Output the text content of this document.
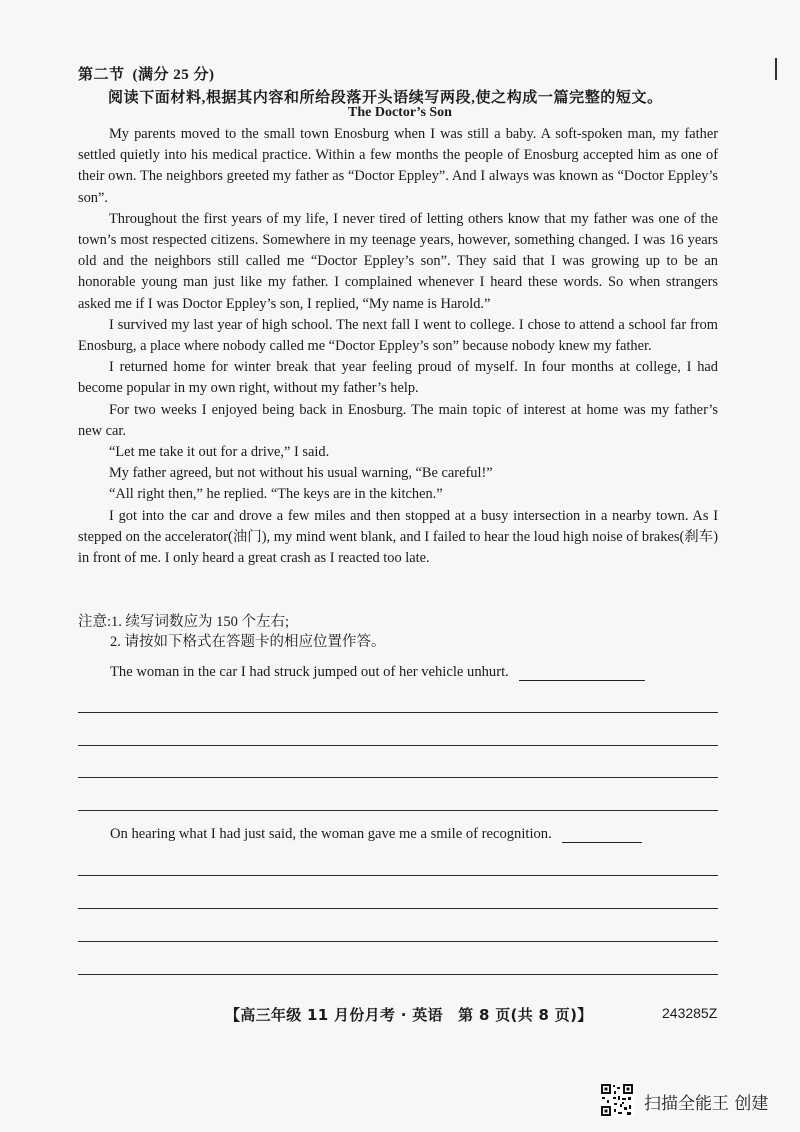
第二节 (满分 25 分)
阅读下面材料,根据其内容和所给段落开头语续写两段,使之构成一篇完整的短文。
The Doctor’s Son

My parents moved to the small town Enosburg when I was still a baby. A soft-spoken man, my father settled quietly into his medical practice. Within a few months the people of Enosburg accepted him as one of their own. The neighbors greeted my father as “Doctor Eppley”. And I always was known as “Doctor Eppley’s son”.

Throughout the first years of my life, I never tired of letting others know that my father was one of the town’s most respected citizens. Somewhere in my teenage years, however, something changed. I was 16 years old and the neighbors still called me “Doctor Eppley’s son”. They said that I was growing up to be an honorable young man just like my father. I complained whenever I heard these words. So when strangers asked me if I was Doctor Eppley’s son, I replied, “My name is Harold.”

I survived my last year of high school. The next fall I went to college. I chose to attend a school far from Enosburg, a place where nobody called me “Doctor Eppley’s son” because nobody knew my father.

I returned home for winter break that year feeling proud of myself. In four months at college, I had become popular in my own right, without my father’s help.

For two weeks I enjoyed being back in Enosburg. The main topic of interest at home was my father’s new car.

“Let me take it out for a drive,” I said.

My father agreed, but not without his usual warning, “Be careful!”

“All right then,” he replied. “The keys are in the kitchen.”

I got into the car and drove a few miles and then stopped at a busy intersection in a nearby town. As I stepped on the accelerator(油门), my mind went blank, and I failed to hear the loud high noise of brakes(刹车) in front of me. I only heard a great crash as I reacted too late.

注意:1. 续写词数应为 150 个左右;
2. 请按如下格式在答题卡的相应位置作答。
The woman in the car I had struck jumped out of her vehicle unhurt.
On hearing what I had just said, the woman gave me a smile of recognition.
【高三年级 11 月份月考 · 英语　第 8 页(共 8 页)】	243285Z
扫描全能王 创建
